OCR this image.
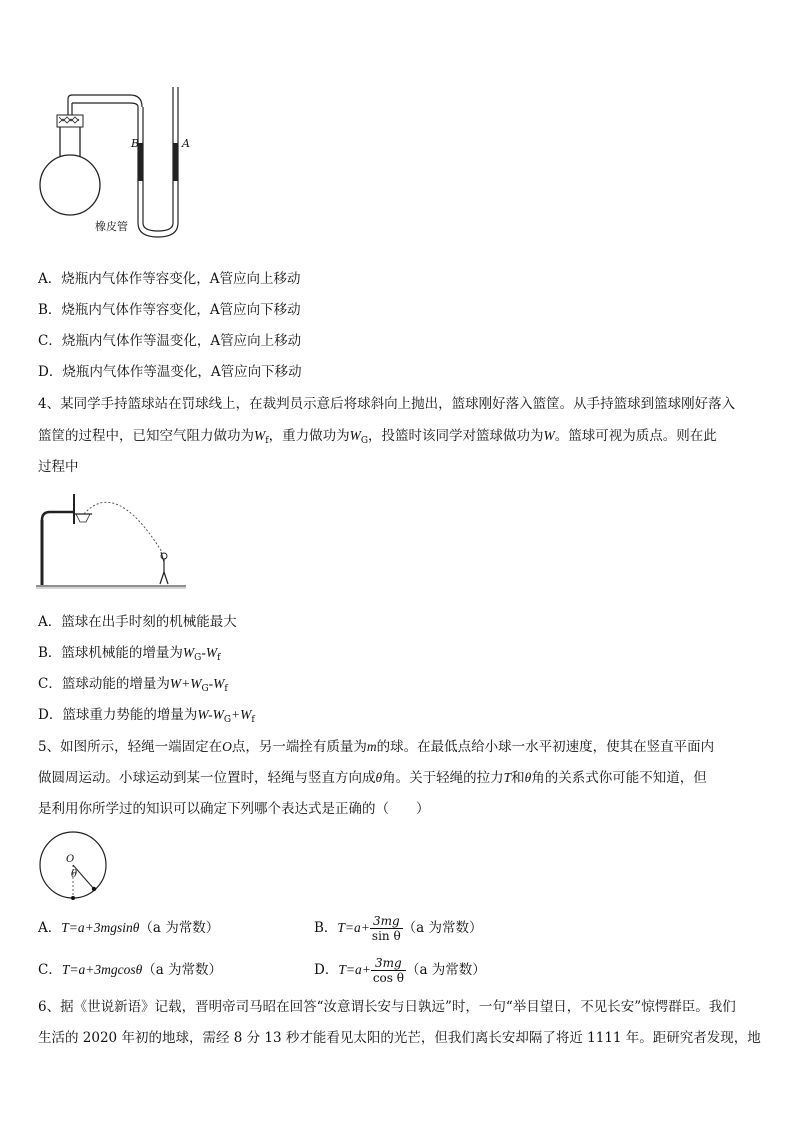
B	A
橡皮管
A．烧瓶内气体作等容变化，A管应向上移动
B．烧瓶内气体作等容变化，A管应向下移动
C．烧瓶内气体作等温变化，A管应向上移动
D．烧瓶内气体作等温变化，A管应向下移动
4、某同学手持篮球站在罚球线上，在裁判员示意后将球斜向上抛出，篮球刚好落入篮筐。从手持篮球到篮球刚好落入
篮筐的过程中，已知空气阻力做功为$W_f$，重力做功为$W_G$，投篮时该同学对篮球做功为W。篮球可视为质点。则在此
过程中
A．篮球在出手时刻的机械能最大
B．篮球机械能的增量为$W_G-W_f$
C．篮球动能的增量为$W+W_G-W_f$
D．篮球重力势能的增量为$W-W_G+W_f$
5、如图所示，轻绳一端固定在O点，另一端拴有质量为m的球。在最低点给小球一水平初速度，使其在竖直平面内
做圆周运动。小球运动到某一位置时，轻绳与竖直方向成θ角。关于轻绳的拉力T和θ角的关系式你可能不知道，但
是利用你所学过的知识可以确定下列哪个表达式是正确的（　　）
O
θ
A．T=a+3mgsinθ（a 为常数）	B．$T=a+ \frac{3mg}{\text{sin θ}} (a$ 为常数）
C．T=a+3mgcosθ（a 为常数）	D．$T=a+ \frac{3mg}{\text{cos θ}} (a$ 为常数）
6、据《世说新语》记载，晋明帝司马昭在回答“汝意谓长安与日孰远”时，一句“举目望日，不见长安”惊愕群臣。我们
生活的 2020 年初的地球，需经 8 分 13 秒才能看见太阳的光芒，但我们离长安却隔了将近 1111 年。距研究者发现，地
